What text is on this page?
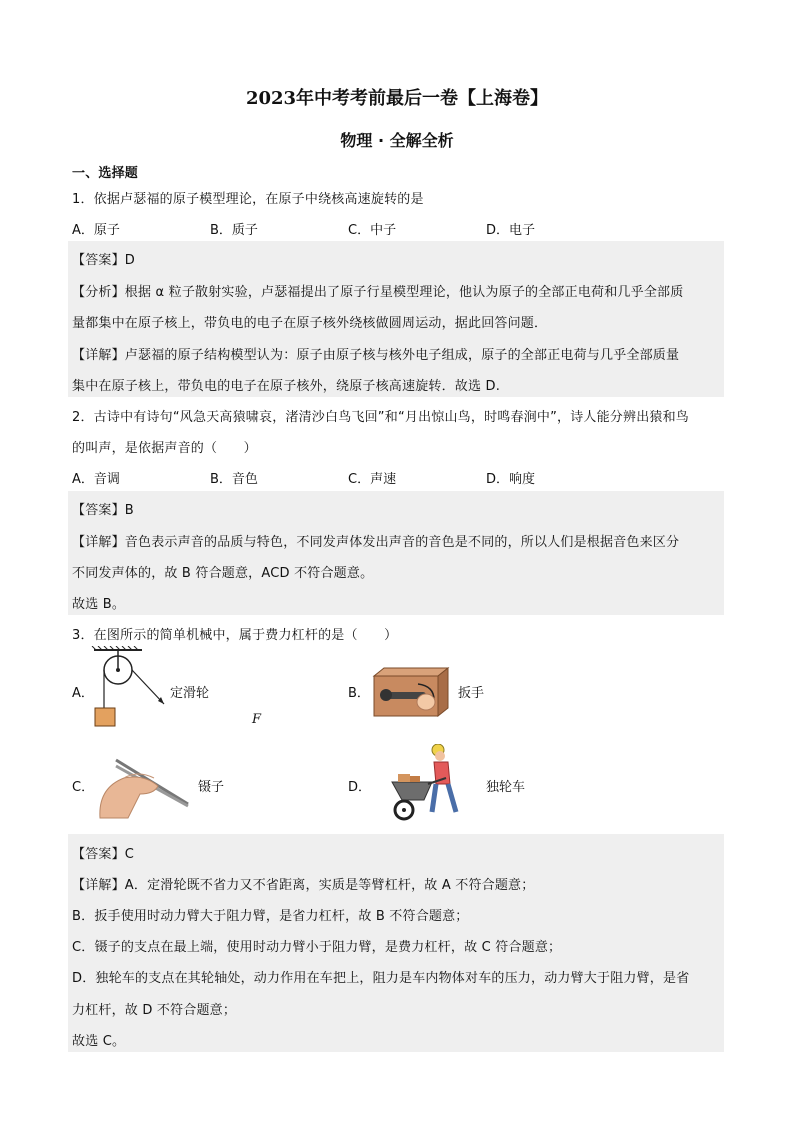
2023年中考考前最后一卷【上海卷】
物理 · 全解全析
一、选择题
1．依据卢瑟福的原子模型理论，在原子中绕核高速旋转的是
A．原子	B．质子	C．中子	D．电子
【答案】D
【分析】根据 α 粒子散射实验，卢瑟福提出了原子行星模型理论，他认为原子的全部正电荷和几乎全部质
量都集中在原子核上，带负电的电子在原子核外绕核做圆周运动，据此回答问题．
【详解】卢瑟福的原子结构模型认为：原子由原子核与核外电子组成，原子的全部正电荷与几乎全部质量
集中在原子核上，带负电的电子在原子核外，绕原子核高速旋转．故选 D.
2．古诗中有诗句“风急天高猿啸哀，渚清沙白鸟飞回”和“月出惊山鸟，时鸣春涧中”，诗人能分辨出猿和鸟
的叫声，是依据声音的（　　）
A．音调	B．音色	C．声速	D．响度
【答案】B
【详解】音色表示声音的品质与特色，不同发声体发出声音的音色是不同的，所以人们是根据音色来区分
不同发声体的，故 B 符合题意，ACD 不符合题意。
故选 B。
3．在图所示的简单机械中，属于费力杠杆的是（　　）
A．
F
定滑轮	B．	扳手
C．	镊子	D．	独轮车
【答案】C
【详解】A．定滑轮既不省力又不省距离，实质是等臂杠杆，故 A 不符合题意；
B．扳手使用时动力臂大于阻力臂，是省力杠杆，故 B 不符合题意；
C．镊子的支点在最上端，使用时动力臂小于阻力臂，是费力杠杆，故 C 符合题意；
D．独轮车的支点在其轮轴处，动力作用在车把上，阻力是车内物体对车的压力，动力臂大于阻力臂，是省
力杠杆，故 D 不符合题意；
故选 C。
